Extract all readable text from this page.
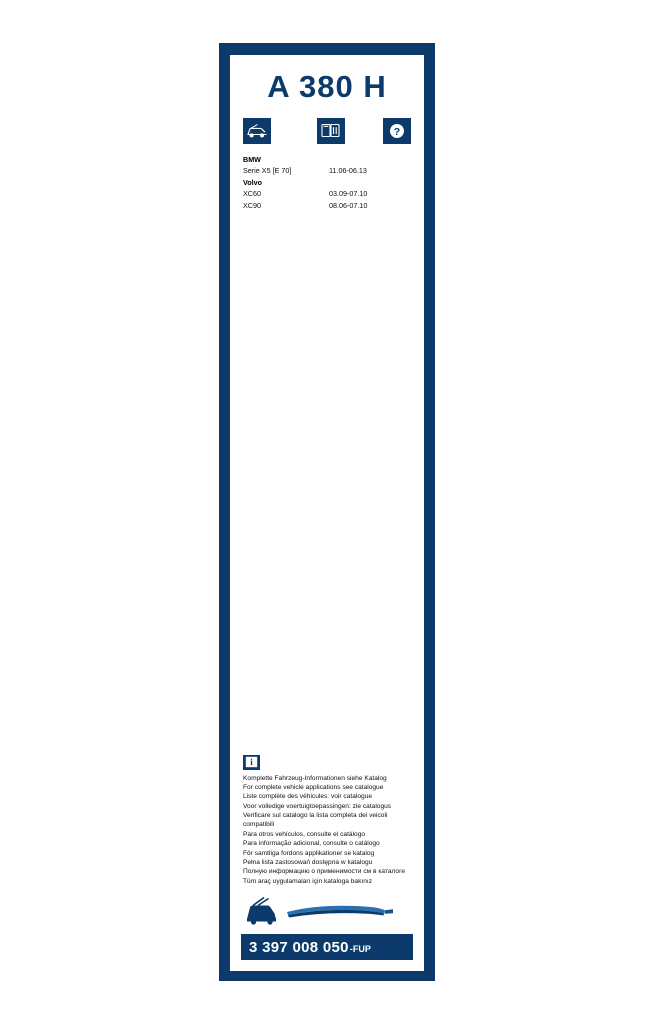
A 380 H
?
BMW
Serie X5 [E 70]	11.06-06.13
Volvo
XC60	03.09-07.10
XC90	08.06-07.10
i
Komplette Fahrzeug-Informationen siehe Katalog
For complete vehicle applications see catalogue
Liste complète des véhicules: voir catalogue
Voor volledige voertuigtoepassingen: zie catalogus
Verificare sul catalogo la lista completa dei veicoli compatibili
Para otros vehículos, consulte el catálogo
Para informação adicional, consulte o catálogo
För samtliga fordons applikationer se katalog
Pełna lista zastosowań dostępna w katalogu
Полную информацию о применимости см в каталоге
Tüm araç uygulamaları için kataloga bakınız
3 397 008 050 -FUP
